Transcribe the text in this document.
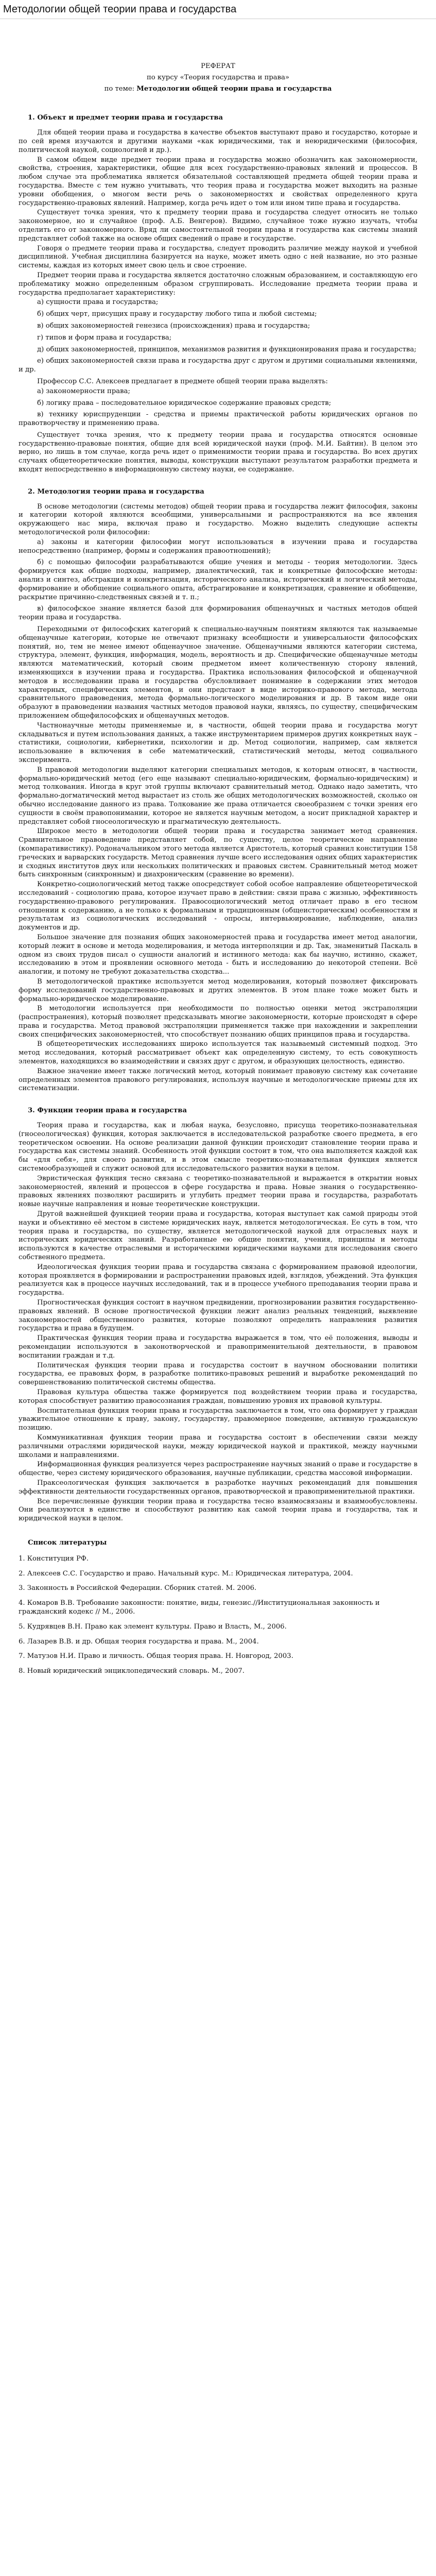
Методологии общей теории права и государства

РЕФЕРАТ

по курсу «Теория государства и права»

по теме: Методологии общей теории права и государства

1. Объект и предмет теории права и государства

Для общей теории права и государства в качестве объектов выступают право и государство, которые и по сей время изучаются и другими науками «как юридическими, так и неюридическими (философия, политической наукой, социологией и др.).

В самом общем виде предмет теории права и государства можно обозначить как закономерности, свойства, строения, характеристики, общие для всех государственно-правовых явлений и процессов. В любом случае эта проблематика является обязательной составляющей предмета общей теории права и государства. Вместе с тем нужно учитывать, что теория права и государства может выходить на разные уровни обобщения, о многом вести речь о закономерностях и свойствах определенного круга государственно-правовых явлений. Например, когда речь идет о том или ином типе права и государства.

Существует точка зрения, что к предмету теории права и государства следует относить не только закономерное, но и случайное (проф. А.Б. Венгеров). Видимо, случайное тоже нужно изучать, чтобы отделить его от закономерного. Вряд ли самостоятельной теории права и государства как системы знаний представляет собой также на основе общих сведений о праве и государстве.

Говоря о предмете теории права и государства, следует проводить различие между наукой и учебной дисциплиной. Учебная дисциплина базируется на науке, может иметь одно с ней название, но это разные системы, каждая из которых имеет свою цель и свое строение.

Предмет теории права и государства является достаточно сложным образованием, и составляющую его проблематику можно определенным образом сгруппировать. Исследование предмета теории права и государства предполагает характеристику:

а) сущности права и государства;

б) общих черт, присущих праву и государству любого типа и любой системы;

в) общих закономерностей генезиса (происхождения) права и государства;

г) типов и форм права и государства;

д) общих закономерностей, принципов, механизмов развития и функционирования права и государства;

е) общих закономерностей связи права и государства друг с другом и другими социальными явлениями, и др.

Профессор С.С. Алексеев предлагает в предмете общей теории права выделять:

а) закономерности права;

б) логику права – последовательное юридическое содержание правовых средств;

в) технику юриспруденции - средства и приемы практической работы юридических органов по правотворчеству и применению права.

Существует точка зрения, что к предмету теории права и государства относятся основные государственно-правовые понятия, общие для всей юридической науки (проф. М.И. Байтин). В целом это верно, но лишь в том случае, когда речь идет о применимости теории права и государства. Во всех других случаях общетеоретические понятия, выводы, конструкции выступают результатом разработки предмета и входят непосредственно в информационную систему науки, ее содержание.

2. Методология теории права и государства

В основе методологии (системы методов) общей теории права и государства лежит философия, законы и категории которой являются всеобщими, универсальными и распространяются на все явления окружающего нас мира, включая право и государство. Можно выделить следующие аспекты методологической роли философии:

а) законы и категории философии могут использоваться в изучении права и государства непосредственно (например, формы и содержания правоотношений);

б) с помощью философии разрабатываются общие учения и методы - теория методологии. Здесь формируется как общие подходы, например, диалектический, так и конкретные философские методы: анализ и синтез, абстракция и конкретизация, исторического анализа, исторический и логический методы, формирование и обобщение социального опыта, абстрагирование и конкретизация, сравнение и обобщение, раскрытие причинно-следственных связей и т. п.;

в) философское знание является базой для формирования общенаучных и частных методов общей теории права и государства.

Переходными от философских категорий к специально-научным понятиям являются так называемые общенаучные категории, которые не отвечают признаку всеобщности и универсальности философских понятий, но, тем не менее имеют общенаучное значение. Общенаучными являются категории система, структура, элемент, функция, информация, модель, вероятность и др. Специфические общенаучные методы являются математический, который своим предметом имеет количественную сторону явлений, изменяющихся в изучении права и государства. Практика использования философской и общенаучной методов в исследовании права и государства обусловливает понимание в содержании этих методов характерных, специфических элементов, и они предстают в виде историко-правового метода, метода сравнительного правоведения, метода формально-логического моделирования и др. В таком виде они образуют в правоведении названия частных методов правовой науки, являясь, по существу, специфическим приложением общефилософских и общенаучных методов.

Частнонаучные методы применяемые и, в частности, общей теории права и государства могут складываться и путем использования данных, а также инструментарием примеров других конкретных наук – статистики, социологии, кибернетики, психологии и др. Метод социологии, например, сам является использование в включения в себе математический, статистический методы, метод социального эксперимента.

В правовой методологии выделяют категории специальных методов, к которым относят, в частности, формально-юридический метод (его еще называют специально-юридическим, формально-юридическим) и метод толкования. Иногда в круг этой группы включают сравнительный метод. Однако надо заметить, что формально-догматический метод вырастает из столь же общих методологических возможностей, сколько он обычно исследование данного из права. Толкование же права отличается своеобразием с точки зрения его сущности в своём правопонимании, которое не является научным методом, а носит прикладной характер и представляет собой гносеологическую и прагматическую деятельность.

Широкое место в методологии общей теории права и государства занимает метод сравнения. Сравнительное правоведение представляет собой, по существу, целое теоретическое направление (компаративистику). Родоначальником этого метода является Аристотель, который сравнил конституции 158 греческих и варварских государств. Метод сравнения лучше всего исследования одних общих характеристик и сходных институтов двух или нескольких политических и правовых систем. Сравнительный метод может быть синхронным (синхронным) и диахроническим (сравнение во времени).

Конкретно-социологический метод также опосредствует собой особое направление общетеоретической исследований - социологию права, которое изучает право в действии: связи права с жизнью, эффективность государственно-правового регулирования. Правосоциологический метод отличает право в его тесном отношении к содержанию, а не только к формальным и традиционным (общеисторическим) особенностям и результатам из социологических исследований - опросы, интервьюирование, наблюдение, анализ документов и др.

Большое значение для познания общих закономерностей права и государства имеет метод аналогии, который лежит в основе и метода моделирования, и метода интерполяции и др. Так, знаменитый Паскаль в одном из своих трудов писал о сущности аналогий и истинного метода: как бы научно, истинно, скажет, исследованию в этом и проявлении основного метода - быть и исследованию до некоторой степени. Всё аналогии, и потому не требуют доказательства сходства...

В методологической практике используется метод моделирования, который позволяет фиксировать форму исследований государственно-правовых и других элементов. В этом плане тоже может быть и формально-юридическое моделирование.

В методологии используется при необходимости по полностью оценки метод экстраполяции (распространения), который позволяет предсказывать многие закономерности, которые происходят в сфере права и государства. Метод правовой экстраполяции применяется также при нахождении и закреплении своих специфических закономерностей, что способствует познанию общих принципов права и государства.

В общетеоретических исследованиях широко используется так называемый системный подход. Это метод исследования, который рассматривает объект как определенную систему, то есть совокупность элементов, находящихся во взаимодействии и связях друг с другом, и образующих целостность, единство.

Важное значение имеет также логический метод, который понимает правовую систему как сочетание определенных элементов правового регулирования, используя научные и методологические приемы для их систематизации.

3. Функции теории права и государства

Теория права и государства, как и любая наука, безусловно, присуща теоретико-познавательная (гносеологическая) функция, которая заключается в исследовательской разработке своего предмета, в его теоретическом освоении. На основе реализации данной функции происходит становление теории права и государства как системы знаний. Особенность этой функции состоит в том, что она выполняется каждой как бы «для себя», для своего развития, и в этом смысле теоретико-познавательная функция является системообразующей и служит основой для исследовательского развития науки в целом.

Эвристическая функция тесно связана с теоретико-познавательной и выражается в открытии новых закономерностей, явлений и процессов в сфере государства и права. Новые знания о государственно-правовых явлениях позволяют расширить и углубить предмет теории права и государства, разработать новые научные направления и новые теоретические конструкции.

Другой важнейшей функцией теории права и государства, которая выступает как самой природы этой науки и объективно её местом в системе юридических наук, является методологическая. Ее суть в том, что теория права и государства, по существу, является методологической наукой для отраслевых наук и исторических юридических знаний. Разработанные ею общие понятия, учения, принципы и методы используются в качестве отраслевыми и историческими юридическими науками для исследования своего собственного предмета.

Идеологическая функция теории права и государства связана с формированием правовой идеологии, которая проявляется в формировании и распространении правовых идей, взглядов, убеждений. Эта функция реализуется как в процессе научных исследований, так и в процессе учебного преподавания теории права и государства.

Прогностическая функция состоит в научном предвидении, прогнозировании развития государственно-правовых явлений. В основе прогностической функции лежит анализ реальных тенденций, выявление закономерностей общественного развития, которые позволяют определить направления развития государства и права в будущем.

Практическая функция теории права и государства выражается в том, что её положения, выводы и рекомендации используются в законотворческой и правоприменительной деятельности, в правовом воспитании граждан и т.д.

Политическая функция теории права и государства состоит в научном обосновании политики государства, ее правовых форм, в разработке политико-правовых решений и выработке рекомендаций по совершенствованию политической системы общества.

Правовая культура общества также формируется под воздействием теории права и государства, которая способствует развитию правосознания граждан, повышению уровня их правовой культуры.

Воспитательная функция теории права и государства заключается в том, что она формирует у граждан уважительное отношение к праву, закону, государству, правомерное поведение, активную гражданскую позицию.

Коммуникативная функция теории права и государства состоит в обеспечении связи между различными отраслями юридической науки, между юридической наукой и практикой, между научными школами и направлениями.

Информационная функция реализуется через распространение научных знаний о праве и государстве в обществе, через систему юридического образования, научные публикации, средства массовой информации.

Праксеологическая функция заключается в разработке научных рекомендаций для повышения эффективности деятельности государственных органов, правотворческой и правоприменительной практики.

Все перечисленные функции теории права и государства тесно взаимосвязаны и взаимообусловлены. Они реализуются в единстве и способствуют развитию как самой теории права и государства, так и юридической науки в целом.

Список литературы

1. Конституция РФ.

2. Алексеев С.С. Государство и право. Начальный курс. М.: Юридическая литература, 2004.

3. Законность в Российской Федерации. Сборник статей. М. 2006.

4. Комаров В.В. Требование законности: понятие, виды, генезис.//Институциональная законность и гражданский кодекс // М., 2006.

5. Кудрявцев В.Н. Право как элемент культуры. Право и Власть, М., 2006.

6. Лазарев В.В. и др. Общая теория государства и права. М., 2004.

7. Матузов Н.И. Право и личность. Общая теория права. Н. Новгород, 2003.

8. Новый юридический энциклопедический словарь. М., 2007.
